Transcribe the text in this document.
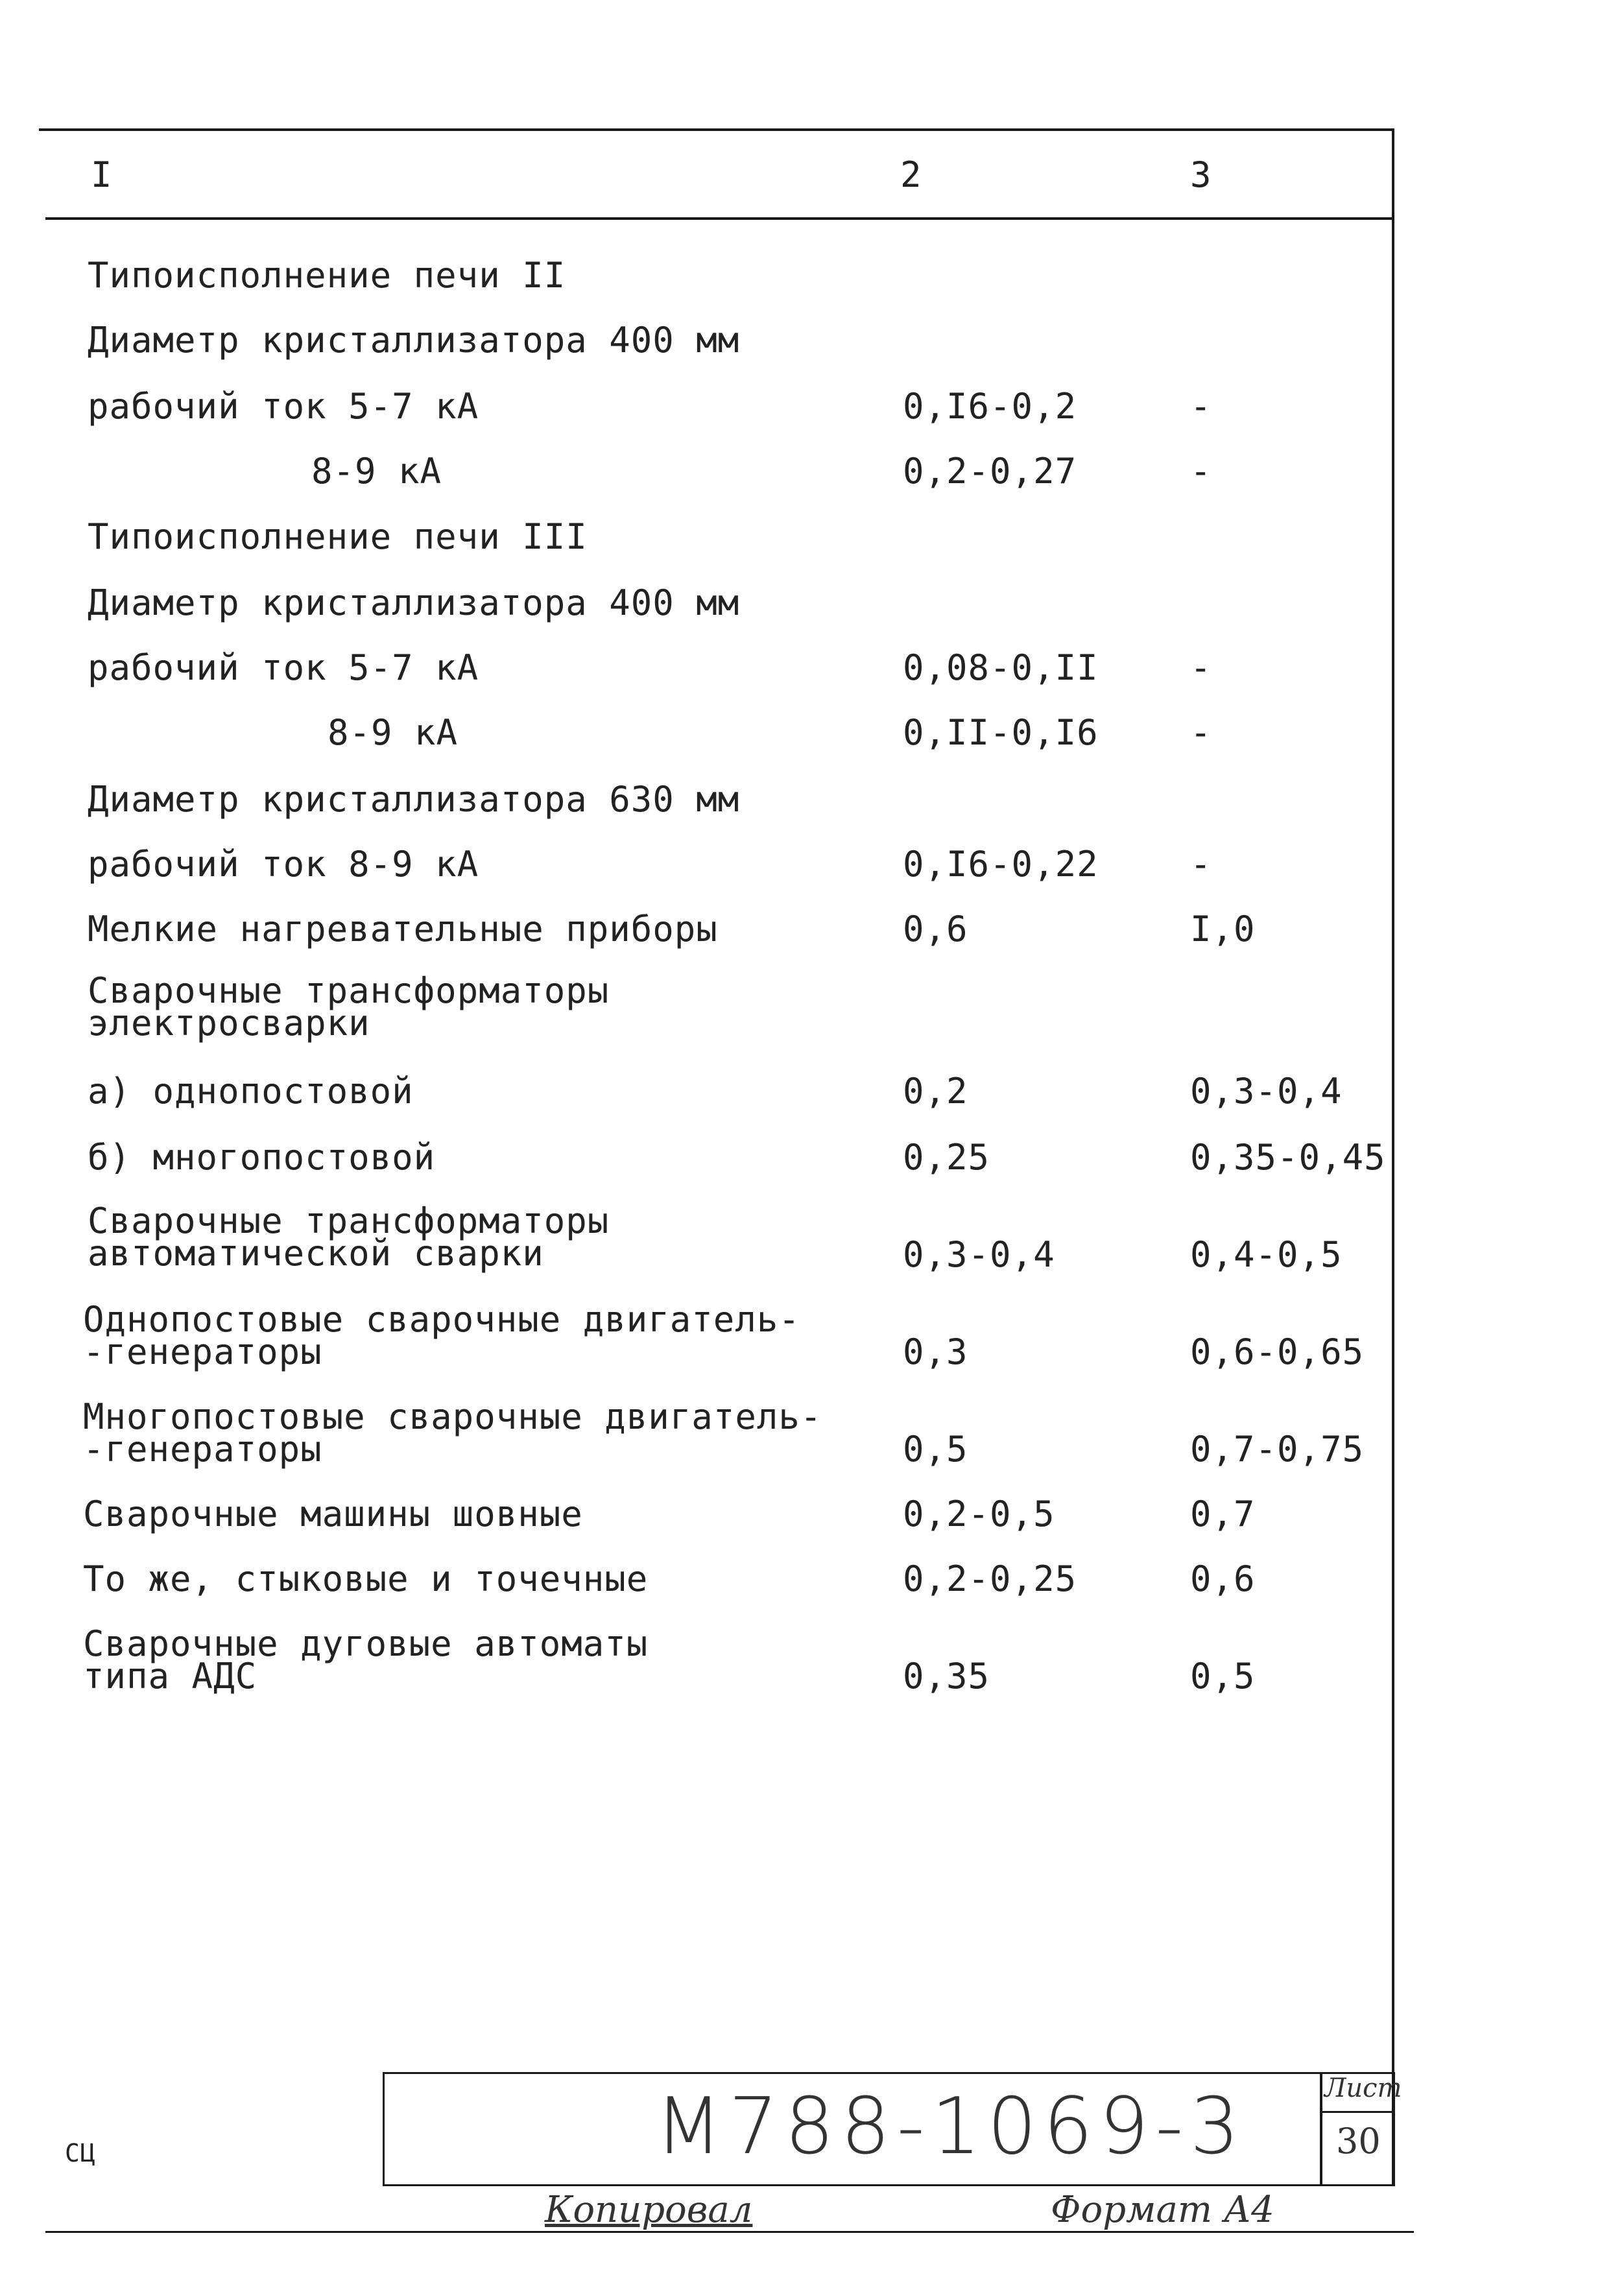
I	2	3
Типоисполнение печи II
Диаметр кристаллизатора 400 мм
рабочий ток 5-7 кА	0,I6-0,2	-
8-9 кА	0,2-0,27	-
Типоисполнение печи III
Диаметр кристаллизатора 400 мм
рабочий ток 5-7 кА	0,08-0,II	-
8-9 кА	0,II-0,I6	-
Диаметр кристаллизатора 630 мм
рабочий ток 8-9 кА	0,I6-0,22	-
Мелкие нагревательные приборы	0,6	I,0
Сварочные трансформаторы
электросварки
а) однопостовой	0,2	0,3-0,4
б) многопостовой	0,25	0,35-0,45
Сварочные трансформаторы
автоматической сварки	0,3-0,4	0,4-0,5
Однопостовые сварочные двигатель-
-генераторы	0,3	0,6-0,65
Многопостовые сварочные двигатель-
-генераторы	0,5	0,7-0,75
Сварочные машины шовные	0,2-0,5	0,7
То же, стыковые и точечные	0,2-0,25	0,6
Сварочные дуговые автоматы
типа АДС	0,35	0,5
М788-1069-3	Лист
30
СЦ
Копировал	Формат А4
